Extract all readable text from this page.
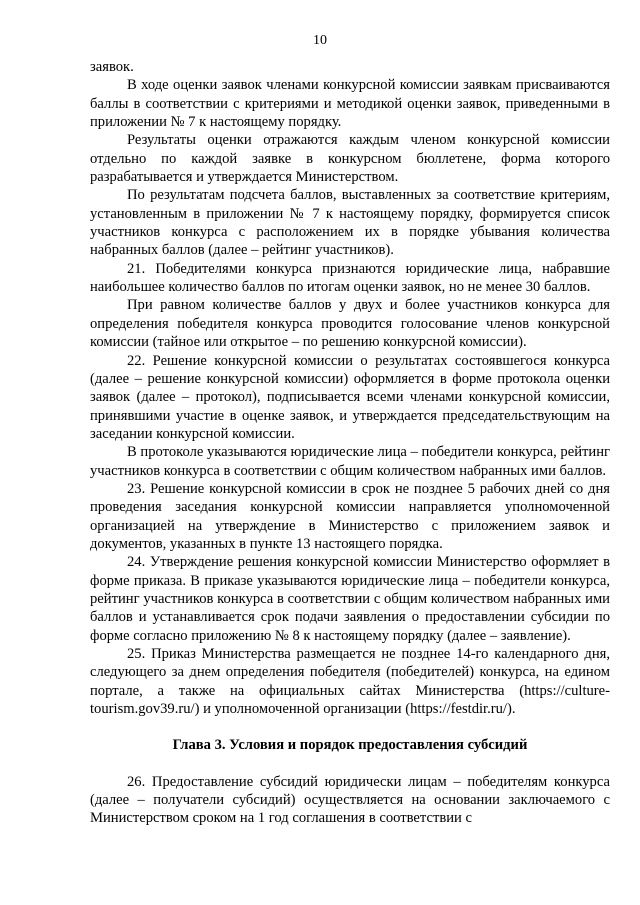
10

заявок.

В ходе оценки заявок членами конкурсной комиссии заявкам присваиваются баллы в соответствии с критериями и методикой оценки заявок, приведенными в приложении № 7 к настоящему порядку.

Результаты оценки отражаются каждым членом конкурсной комиссии отдельно по каждой заявке в конкурсном бюллетене, форма которого разрабатывается и утверждается Министерством.

По результатам подсчета баллов, выставленных за соответствие критериям, установленным в приложении № 7 к настоящему порядку, формируется список участников конкурса с расположением их в порядке убывания количества набранных баллов (далее – рейтинг участников).

21. Победителями конкурса признаются юридические лица, набравшие наибольшее количество баллов по итогам оценки заявок, но не менее 30 баллов.

При равном количестве баллов у двух и более участников конкурса для определения победителя конкурса проводится голосование членов конкурсной комиссии (тайное или открытое – по решению конкурсной комиссии).

22. Решение конкурсной комиссии о результатах состоявшегося конкурса (далее – решение конкурсной комиссии) оформляется в форме протокола оценки заявок (далее – протокол), подписывается всеми членами конкурсной комиссии, принявшими участие в оценке заявок, и утверждается председательствующим на заседании конкурсной комиссии.

В протоколе указываются юридические лица – победители конкурса, рейтинг участников конкурса в соответствии с общим количеством набранных ими баллов.

23. Решение конкурсной комиссии в срок не позднее 5 рабочих дней со дня проведения заседания конкурсной комиссии направляется уполномоченной организацией на утверждение в Министерство с приложением заявок и документов, указанных в пункте 13 настоящего порядка.

24. Утверждение решения конкурсной комиссии Министерство оформляет в форме приказа. В приказе указываются юридические лица – победители конкурса, рейтинг участников конкурса в соответствии с общим количеством набранных ими баллов и устанавливается срок подачи заявления о предоставлении субсидии по форме согласно приложению № 8 к настоящему порядку (далее – заявление).

25. Приказ Министерства размещается не позднее 14-го календарного дня, следующего за днем определения победителя (победителей) конкурса, на едином портале, а также на официальных сайтах Министерства (https://culture-tourism.gov39.ru/) и уполномоченной организации (https://festdir.ru/).

Глава 3. Условия и порядок предоставления субсидий

26. Предоставление субсидий юридически лицам – победителям конкурса (далее – получатели субсидий) осуществляется на основании заключаемого с Министерством сроком на 1 год соглашения в соответствии с
